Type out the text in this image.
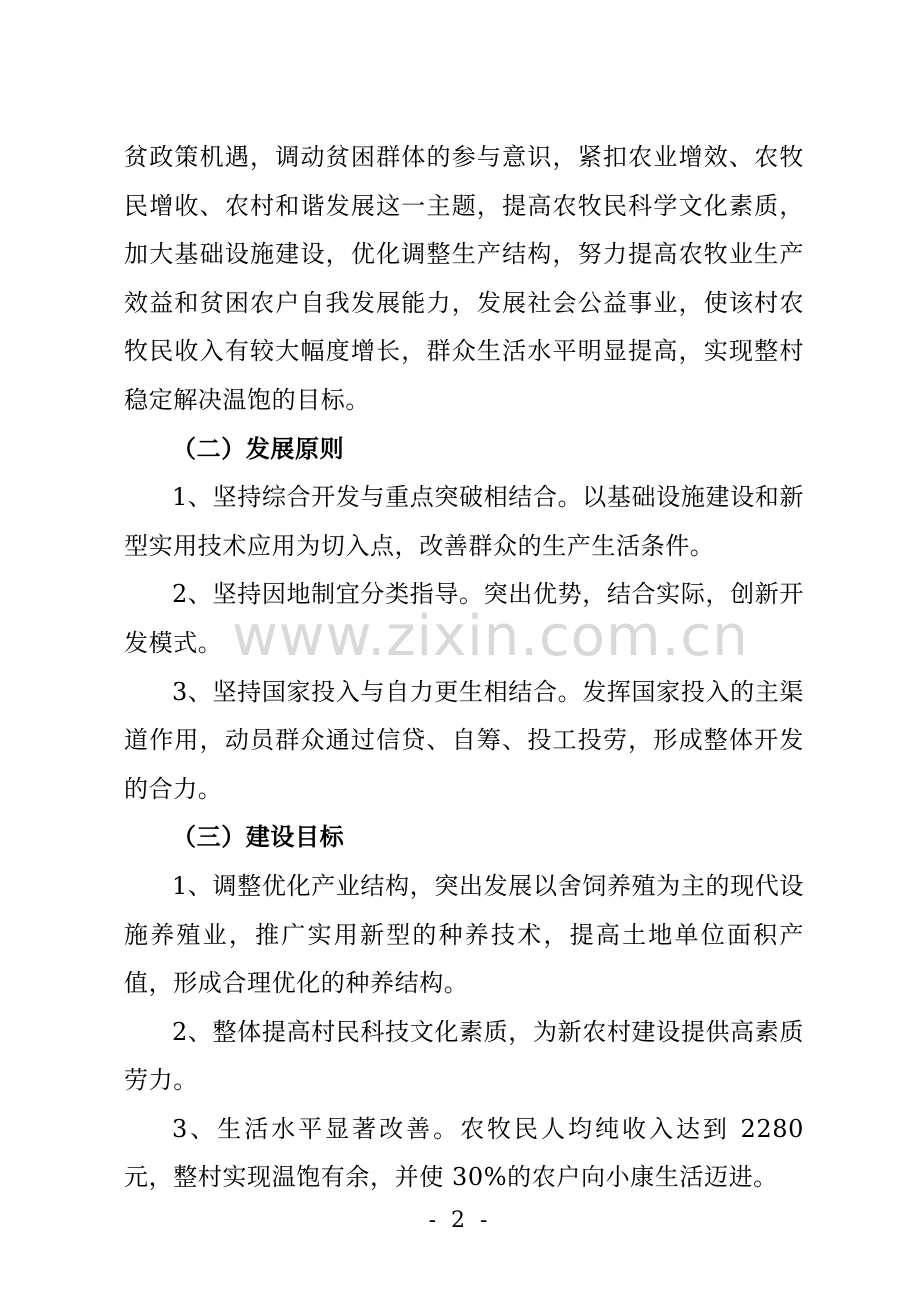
贫政策机遇，调动贫困群体的参与意识，紧扣农业增效、农牧民增收、农村和谐发展这一主题，提高农牧民科学文化素质，加大基础设施建设，优化调整生产结构，努力提高农牧业生产效益和贫困农户自我发展能力，发展社会公益事业，使该村农牧民收入有较大幅度增长，群众生活水平明显提高，实现整村稳定解决温饱的目标。

（二）发展原则

1、坚持综合开发与重点突破相结合。以基础设施建设和新型实用技术应用为切入点，改善群众的生产生活条件。

2、坚持因地制宜分类指导。突出优势，结合实际，创新开发模式。

3、坚持国家投入与自力更生相结合。发挥国家投入的主渠道作用，动员群众通过信贷、自筹、投工投劳，形成整体开发的合力。

（三）建设目标

1、调整优化产业结构，突出发展以舍饲养殖为主的现代设施养殖业，推广实用新型的种养技术，提高土地单位面积产值，形成合理优化的种养结构。

2、整体提高村民科技文化素质，为新农村建设提供高素质劳力。

3、生活水平显著改善。农牧民人均纯收入达到 2280 元，整村实现温饱有余，并使 30%的农户向小康生活迈进。

www.zixin.com.cn
- 2 -
